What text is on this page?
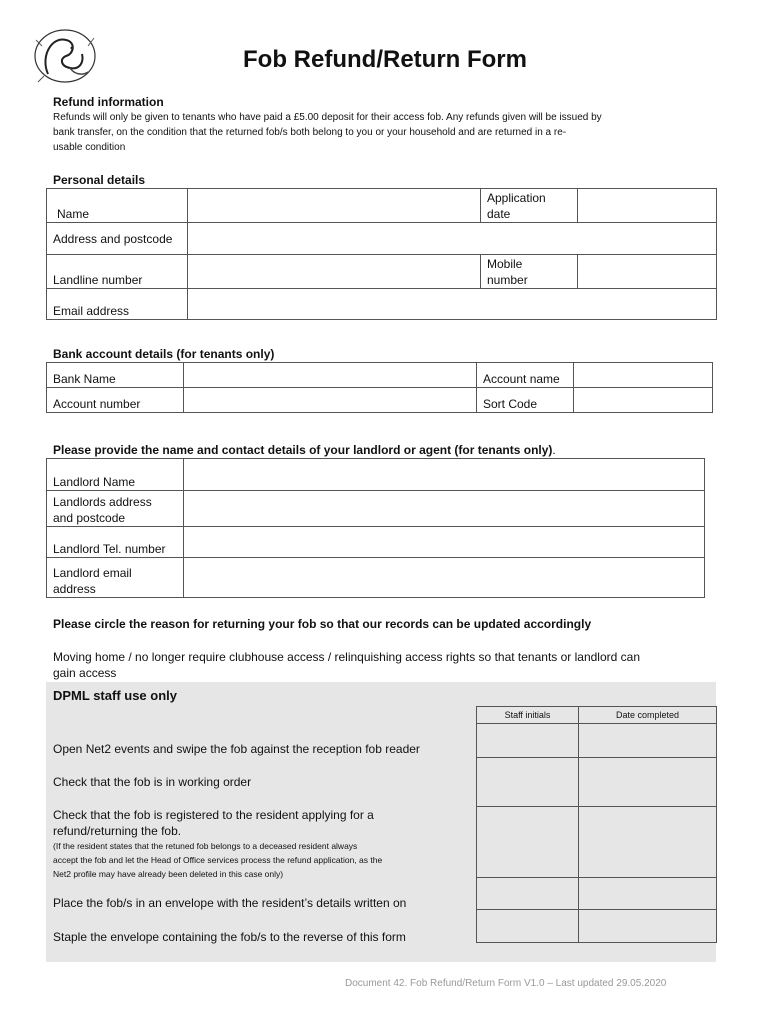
Fob Refund/Return Form
Refund information
Refunds will only be given to tenants who have paid a £5.00 deposit for their access fob. Any refunds given will be issued by
bank transfer, on the condition that the returned fob/s both belong to you or your household and are returned in a re-
usable condition
Personal details
Name		Application
date	
Address and postcode			
Landline number		Mobile
number	
Email address			
Bank account details (for tenants only)
Bank Name		Account name	
Account number		Sort Code	
Please provide the name and contact details of your landlord or agent (for tenants only).
Landlord Name	
Landlords address
and postcode	
Landlord Tel. number	
Landlord email
address	
Please circle the reason for returning your fob so that our records can be updated accordingly
Moving home / no longer require clubhouse access / relinquishing access rights so that tenants or landlord can
gain access
DPML staff use only
Staff initials	Date completed

Open Net2 events and swipe the fob against the reception fob reader
Check that the fob is in working order
Check that the fob is registered to the resident applying for a
refund/returning the fob.
(If the resident states that the retuned fob belongs to a deceased resident always
accept the fob and let the Head of Office services process the refund application, as the
Net2 profile may have already been deleted in this case only)
Place the fob/s in an envelope with the resident’s details written on
Staple the envelope containing the fob/s to the reverse of this form
Document 42. Fob Refund/Return Form V1.0 – Last updated 29.05.2020
